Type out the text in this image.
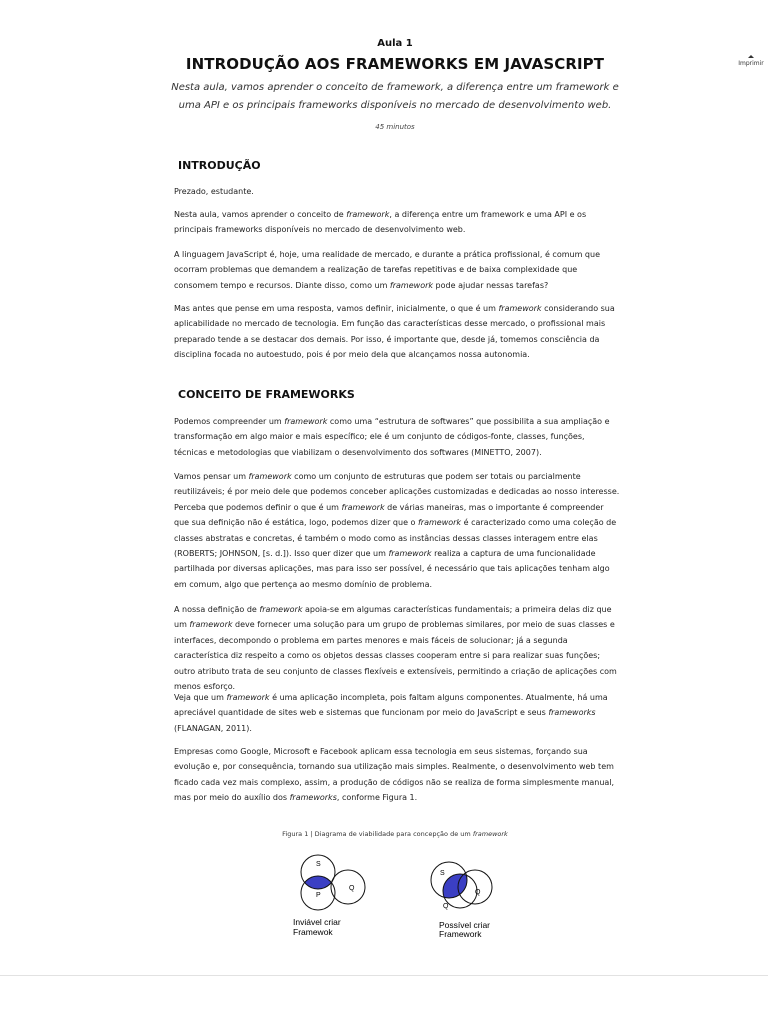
Aula 1
INTRODUÇÃO AOS FRAMEWORKS EM JAVASCRIPT
Nesta aula, vamos aprender o conceito de framework, a diferença entre um framework e uma API e os principais frameworks disponíveis no mercado de desenvolvimento web.
45 minutos
Imprimir
INTRODUÇÃO

Prezado, estudante.

Nesta aula, vamos aprender o conceito de framework, a diferença entre um framework e uma API e os principais frameworks disponíveis no mercado de desenvolvimento web.

A linguagem JavaScript é, hoje, uma realidade de mercado, e durante a prática profissional, é comum que ocorram problemas que demandem a realização de tarefas repetitivas e de baixa complexidade que consomem tempo e recursos. Diante disso, como um framework pode ajudar nessas tarefas?

Mas antes que pense em uma resposta, vamos definir, inicialmente, o que é um framework considerando sua aplicabilidade no mercado de tecnologia. Em função das características desse mercado, o profissional mais preparado tende a se destacar dos demais. Por isso, é importante que, desde já, tomemos consciência da disciplina focada no autoestudo, pois é por meio dela que alcançamos nossa autonomia.

CONCEITO DE FRAMEWORKS

Podemos compreender um framework como uma “estrutura de softwares” que possibilita a sua ampliação e transformação em algo maior e mais específico; ele é um conjunto de códigos-fonte, classes, funções, técnicas e metodologias que viabilizam o desenvolvimento dos softwares (MINETTO, 2007).

Vamos pensar um framework como um conjunto de estruturas que podem ser totais ou parcialmente reutilizáveis; é por meio dele que podemos conceber aplicações customizadas e dedicadas ao nosso interesse. Perceba que podemos definir o que é um framework de várias maneiras, mas o importante é compreender que sua definição não é estática, logo, podemos dizer que o framework é caracterizado como uma coleção de classes abstratas e concretas, é também o modo como as instâncias dessas classes interagem entre elas (ROBERTS; JOHNSON, [s. d.]). Isso quer dizer que um framework realiza a captura de uma funcionalidade partilhada por diversas aplicações, mas para isso ser possível, é necessário que tais aplicações tenham algo em comum, algo que pertença ao mesmo domínio de problema.

A nossa definição de framework apoia-se em algumas características fundamentais; a primeira delas diz que um framework deve fornecer uma solução para um grupo de problemas similares, por meio de suas classes e interfaces, decompondo o problema em partes menores e mais fáceis de solucionar; já a segunda característica diz respeito a como os objetos dessas classes cooperam entre si para realizar suas funções; outro atributo trata de seu conjunto de classes flexíveis e extensíveis, permitindo a criação de aplicações com menos esforço.

Veja que um framework é uma aplicação incompleta, pois faltam alguns componentes. Atualmente, há uma apreciável quantidade de sites web e sistemas que funcionam por meio do JavaScript e seus frameworks (FLANAGAN, 2011).

Empresas como Google, Microsoft e Facebook aplicam essa tecnologia em seus sistemas, forçando sua evolução e, por consequência, tornando sua utilização mais simples. Realmente, o desenvolvimento web tem ficado cada vez mais complexo, assim, a produção de códigos não se realiza de forma simplesmente manual, mas por meio do auxílio dos frameworks, conforme Figura 1.

Figura 1 | Diagrama de viabilidade para concepção de um framework
S
P
Q
Inviável criar
Framewok
S
Q
Q
Possível criar
Framework
